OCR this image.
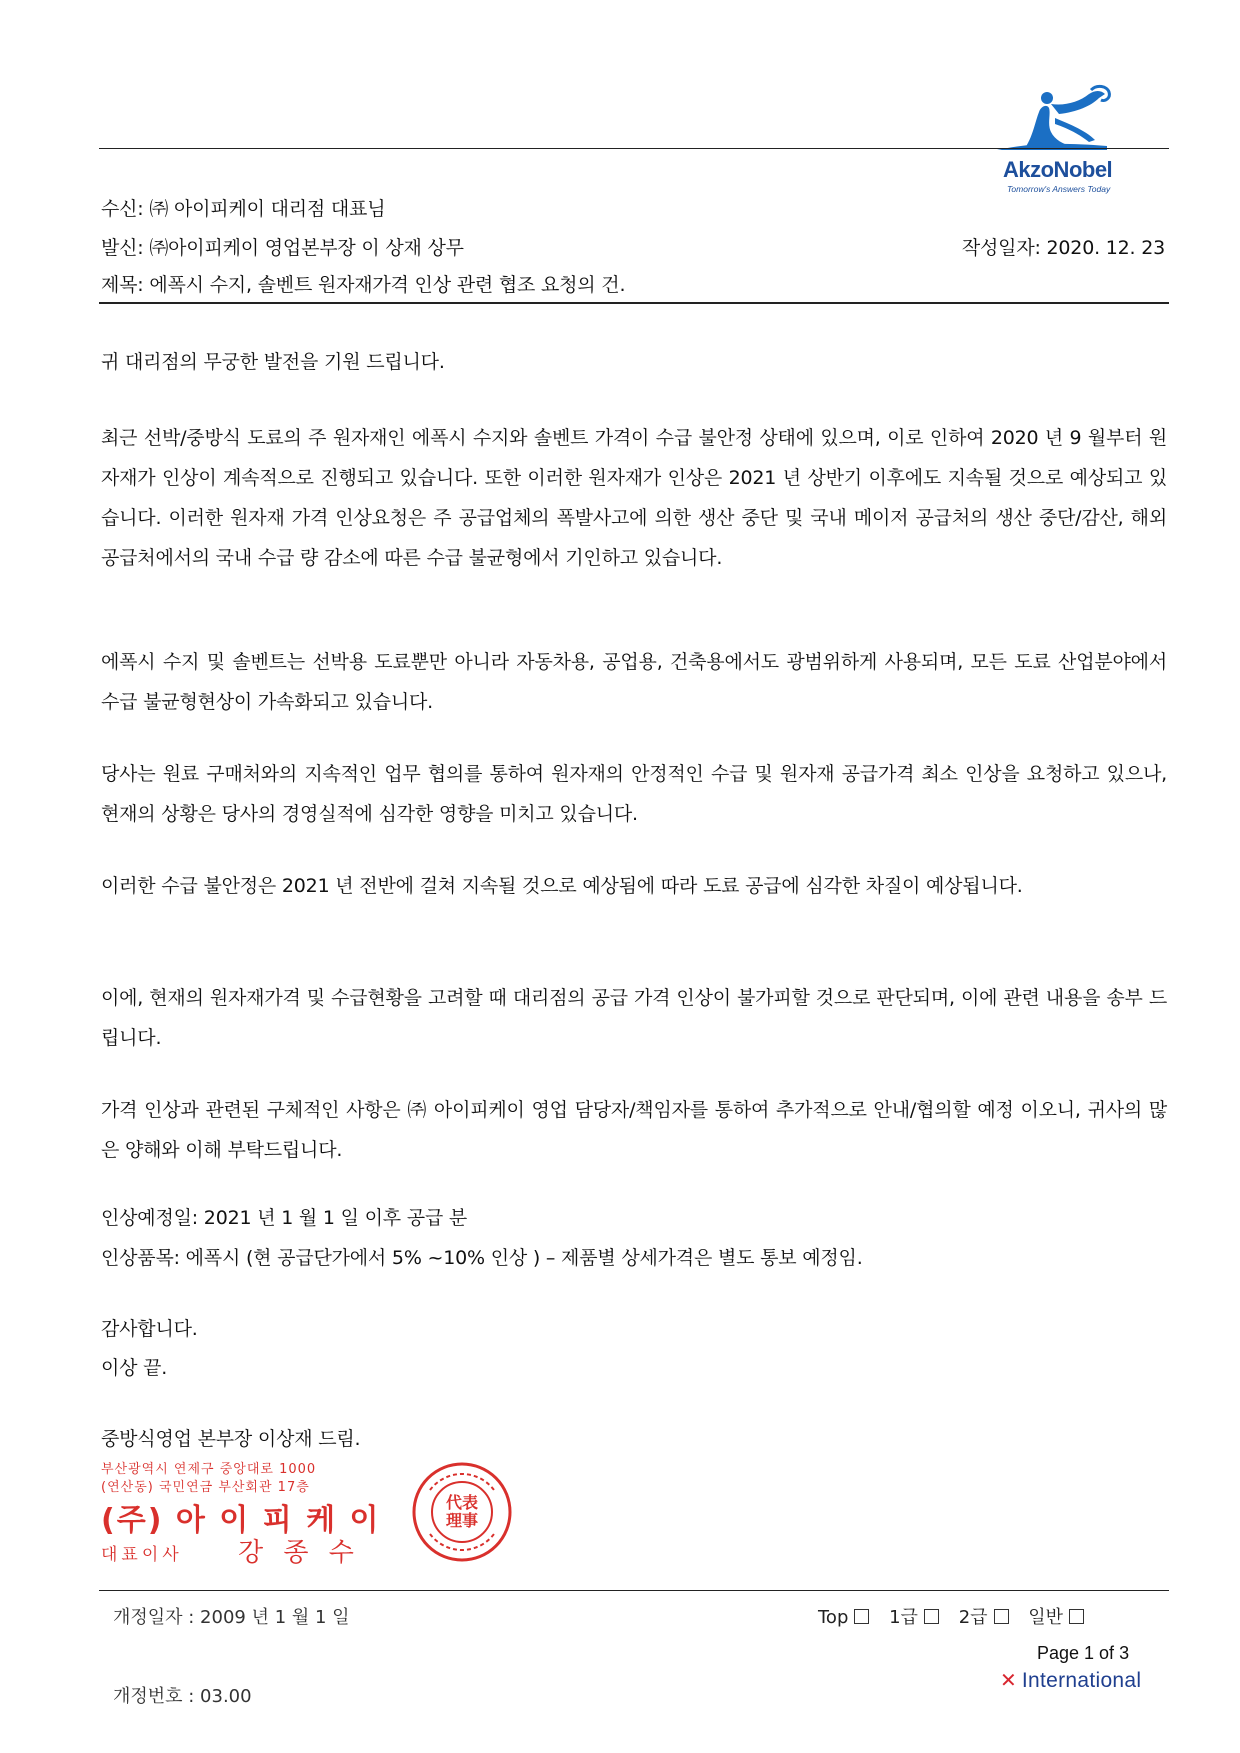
AkzoNobel
Tomorrow's Answers Today
수신: ㈜ 아이피케이 대리점 대표님
발신: ㈜아이피케이 영업본부장 이 상재 상무	작성일자: 2020. 12. 23
제목: 에폭시 수지, 솔벤트 원자재가격 인상 관련 협조 요청의 건.
귀 대리점의 무궁한 발전을 기원 드립니다.
최근 선박/중방식 도료의 주 원자재인 에폭시 수지와 솔벤트 가격이 수급 불안정 상태에 있으며, 이로 인하여 2020 년 9 월부터 원자재가 인상이 계속적으로 진행되고 있습니다. 또한 이러한 원자재가 인상은 2021 년 상반기 이후에도 지속될 것으로 예상되고 있습니다. 이러한 원자재 가격 인상요청은 주 공급업체의 폭발사고에 의한 생산 중단 및 국내 메이저 공급처의 생산 중단/감산, 해외 공급처에서의 국내 수급 량 감소에 따른 수급 불균형에서 기인하고 있습니다.
에폭시 수지 및 솔벤트는 선박용 도료뿐만 아니라 자동차용, 공업용, 건축용에서도 광범위하게 사용되며, 모든 도료 산업분야에서 수급 불균형현상이 가속화되고 있습니다.
당사는 원료 구매처와의 지속적인 업무 협의를 통하여 원자재의 안정적인 수급 및 원자재 공급가격 최소 인상을 요청하고 있으나, 현재의 상황은 당사의 경영실적에 심각한 영향을 미치고 있습니다.
이러한 수급 불안정은 2021 년 전반에 걸쳐 지속될 것으로 예상됨에 따라 도료 공급에 심각한 차질이 예상됩니다.
이에, 현재의 원자재가격 및 수급현황을 고려할 때 대리점의 공급 가격 인상이 불가피할 것으로 판단되며, 이에 관련 내용을 송부 드립니다.
가격 인상과 관련된 구체적인 사항은 ㈜ 아이피케이 영업 담당자/책임자를 통하여 추가적으로 안내/협의할 예정 이오니, 귀사의 많은 양해와 이해 부탁드립니다.
인상예정일: 2021 년 1 월 1 일 이후 공급 분
인상품목: 에폭시 (현 공급단가에서 5% ~10% 인상 ) – 제품별 상세가격은 별도 통보 예정임.
감사합니다.
이상 끝.
중방식영업 본부장 이상재 드림.
부산광역시 연제구 중앙대로 1000
(연산동) 국민연금 부산회관 17층
(주) 아 이 피 케 이
대표이사 강 종 수
代表理事
개정일자 : 2009 년 1 월 1 일	Top 1급 2급 일반
Page 1 of 3
✕ International
개정번호 : 03.00
